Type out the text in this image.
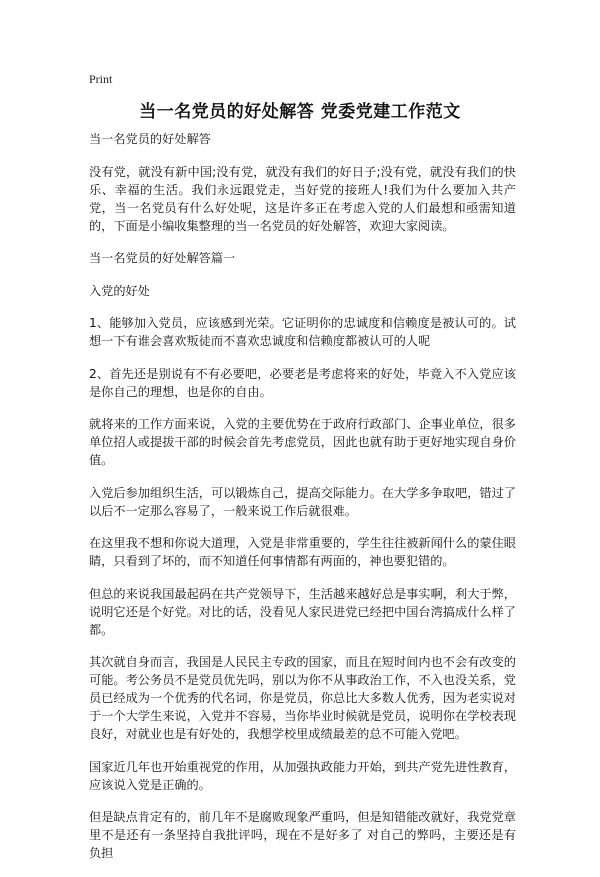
Print
当一名党员的好处解答 党委党建工作范文

当一名党员的好处解答

没有党，就没有新中国;没有党，就没有我们的好日子;没有党，就没有我们的快乐、幸福的生活。我们永远跟党走，当好党的接班人!我们为什么要加入共产党，当一名党员有什么好处呢，这是许多正在考虑入党的人们最想和亟需知道的，下面是小编收集整理的当一名党员的好处解答，欢迎大家阅读。

当一名党员的好处解答篇一

入党的好处

1、能够加入党员，应该感到光荣。它证明你的忠诚度和信赖度是被认可的。试想一下有谁会喜欢叛徒而不喜欢忠诚度和信赖度都被认可的人呢

2、首先还是别说有不有必要吧，必要老是考虑将来的好处，毕竟入不入党应该是你自己的理想，也是你的自由。

就将来的工作方面来说，入党的主要优势在于政府行政部门、企事业单位，很多单位招人或提拔干部的时候会首先考虑党员，因此也就有助于更好地实现自身价值。

入党后参加组织生活，可以锻炼自己，提高交际能力。在大学多争取吧，错过了以后不一定那么容易了，一般来说工作后就很难。

在这里我不想和你说大道理，入党是非常重要的，学生往往被新闻什么的蒙住眼睛，只看到了坏的，而不知道任何事情都有两面的，神也要犯错的。

但总的来说我国最起码在共产党领导下，生活越来越好总是事实啊，利大于弊，说明它还是个好党。对比的话，没看见人家民进党已经把中国台湾搞成什么样了都。

其次就自身而言，我国是人民民主专政的国家，而且在短时间内也不会有改变的可能。考公务员不是党员优先吗，别以为你不从事政治工作，不入也没关系，党员已经成为一个优秀的代名词，你是党员，你总比大多数人优秀，因为老实说对于一个大学生来说，入党并不容易，当你毕业时候就是党员，说明你在学校表现良好，对就业也是有好处的，我想学校里成绩最差的总不可能入党吧。

国家近几年也开始重视党的作用，从加强执政能力开始，到共产党先进性教育，应该说入党是正确的。

但是缺点肯定有的，前几年不是腐败现象严重吗，但是知错能改就好，我党党章里不是还有一条坚持自我批评吗，现在不是好多了 对自己的弊吗，主要还是有负担
